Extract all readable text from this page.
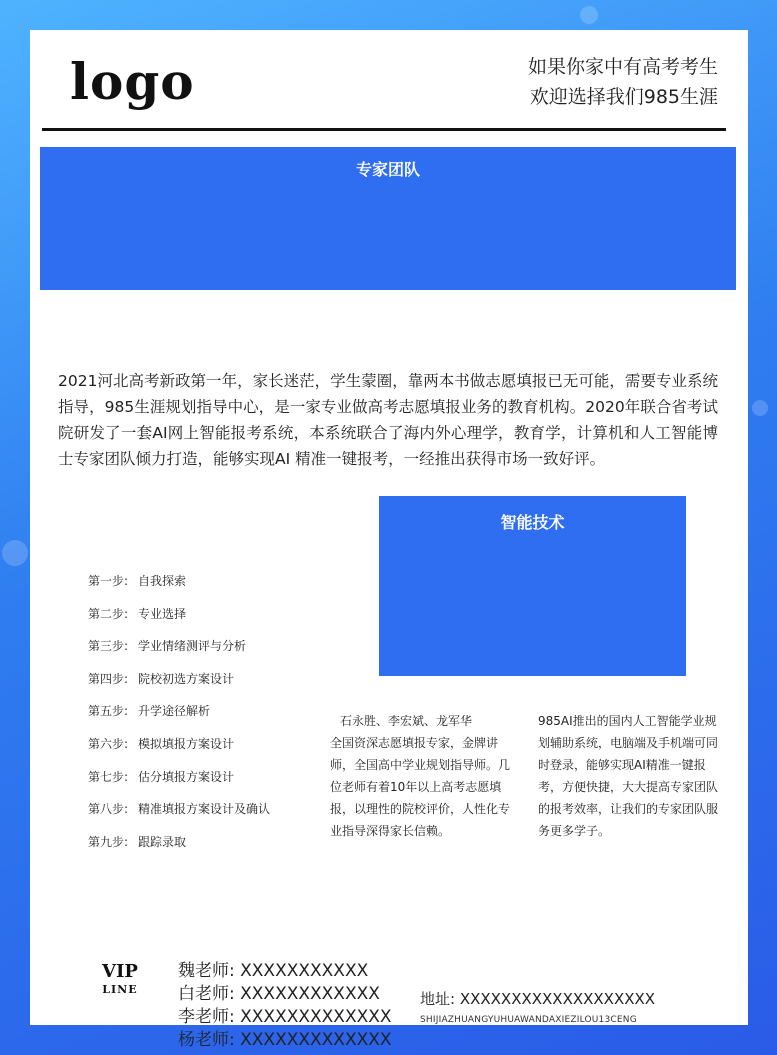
logo	如果你家中有高考考生
欢迎选择我们985生涯
专家团队

2021河北高考新政第一年，家长迷茫，学生蒙圈，靠两本书做志愿填报已无可能，需要专业系统指导，985生涯规划指导中心，是一家专业做高考志愿填报业务的教育机构。2020年联合省考试院研发了一套AI网上智能报考系统，本系统联合了海内外心理学，教育学，计算机和人工智能博士专家团队倾力打造，能够实现AI 精准一键报考，一经推出获得市场一致好评。

智能技术
第一步: 自我探索
第二步: 专业选择
第三步: 学业情绪测评与分析
第四步: 院校初选方案设计
第五步: 升学途径解析
第六步: 模拟填报方案设计
第七步: 估分填报方案设计
第八步: 精准填报方案设计及确认
第九步: 跟踪录取
石永胜、李宏斌、龙军华
全国资深志愿填报专家，金牌讲师，全国高中学业规划指导师。几位老师有着10年以上高考志愿填报，以理性的院校评价，人性化专业指导深得家长信赖。
985AI推出的国内人工智能学业规划辅助系统，电脑端及手机端可同时登录，能够实现AI精准一键报考，方便快捷，大大提高专家团队的报考效率，让我们的专家团队服务更多学子。
VIP
LINE
魏老师: XXXXXXXXXXX
白老师: XXXXXXXXXXXX
李老师: XXXXXXXXXXXXX
杨老师: XXXXXXXXXXXXX
地址: XXXXXXXXXXXXXXXXXXX
SHIJIAZHUANGYUHUAWANDAXIEZILOU13CENG
